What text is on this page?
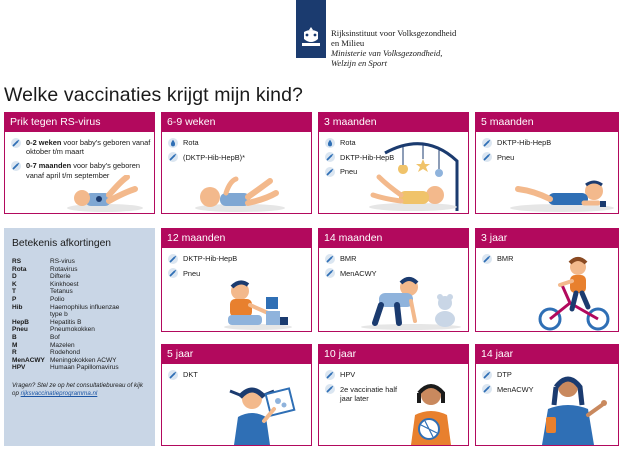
Rijksinstituut voor Volksgezondheid
en Milieu
Ministerie van Volksgezondheid,
Welzijn en Sport
Welke vaccinaties krijgt mijn kind?
Prik tegen RS-virus
0-2 weken voor baby's geboren vanaf oktober t/m maart
0-7 maanden voor baby's geboren vanaf april t/m september
6-9 weken
Rota
(DKTP-Hib-HepB)*
3 maanden
Rota
DKTP-Hib-HepB
Pneu
5 maanden
DKTP-Hib-HepB
Pneu
Betekenis afkortingen
RS	RS-virus
Rota	Rotavirus
D	Difterie
K	Kinkhoest
T	Tetanus
P	Polio
Hib	Haemophilus influenzae type b
HepB	Hepatitis B
Pneu	Pneumokokken
B	Bof
M	Mazelen
R	Rodehond
MenACWY	Meningokokken ACWY
HPV	Humaan Papillomavirus

Vragen? Stel ze op het consultatiebureau of kijk op rijksvaccinatieprogramma.nl

12 maanden
DKTP-Hib-HepB
Pneu
14 maanden
BMR
MenACWY
3 jaar
BMR
5 jaar
DKT
10 jaar
HPV
2e vaccinatie half jaar later
14 jaar
DTP
MenACWY
